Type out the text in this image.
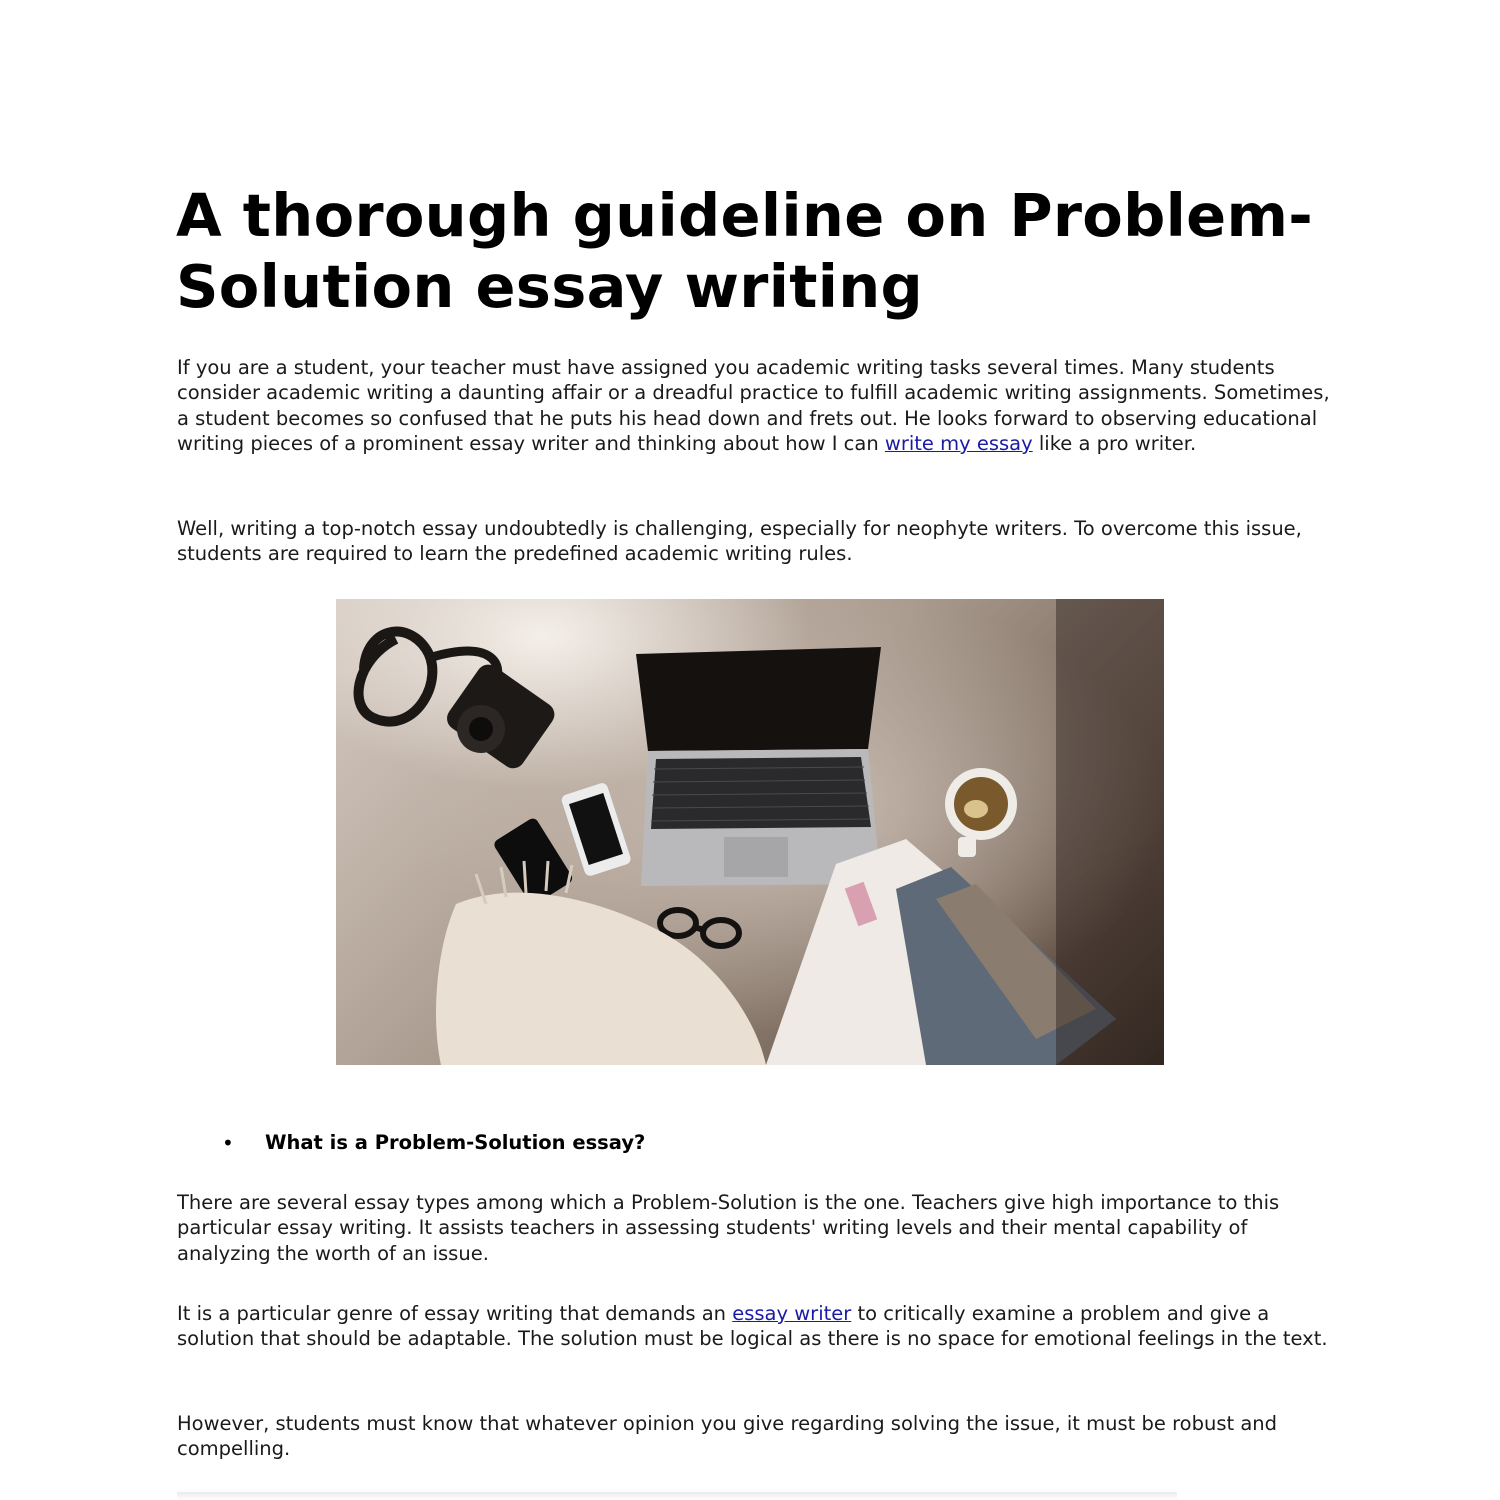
A thorough guideline on Problem-Solution essay writing

If you are a student, your teacher must have assigned you academic writing tasks several times. Many students consider academic writing a daunting affair or a dreadful practice to fulfill academic writing assignments. Sometimes, a student becomes so confused that he puts his head down and frets out. He looks forward to observing educational writing pieces of a prominent essay writer and thinking about how I can write my essay like a pro writer.

Well, writing a top-notch essay undoubtedly is challenging, especially for neophyte writers. To overcome this issue, students are required to learn the predefined academic writing rules.

• What is a Problem-Solution essay?

There are several essay types among which a Problem-Solution is the one. Teachers give high importance to this particular essay writing. It assists teachers in assessing students' writing levels and their mental capability of analyzing the worth of an issue.

It is a particular genre of essay writing that demands an essay writer to critically examine a problem and give a solution that should be adaptable. The solution must be logical as there is no space for emotional feelings in the text.

However, students must know that whatever opinion you give regarding solving the issue, it must be robust and compelling.
